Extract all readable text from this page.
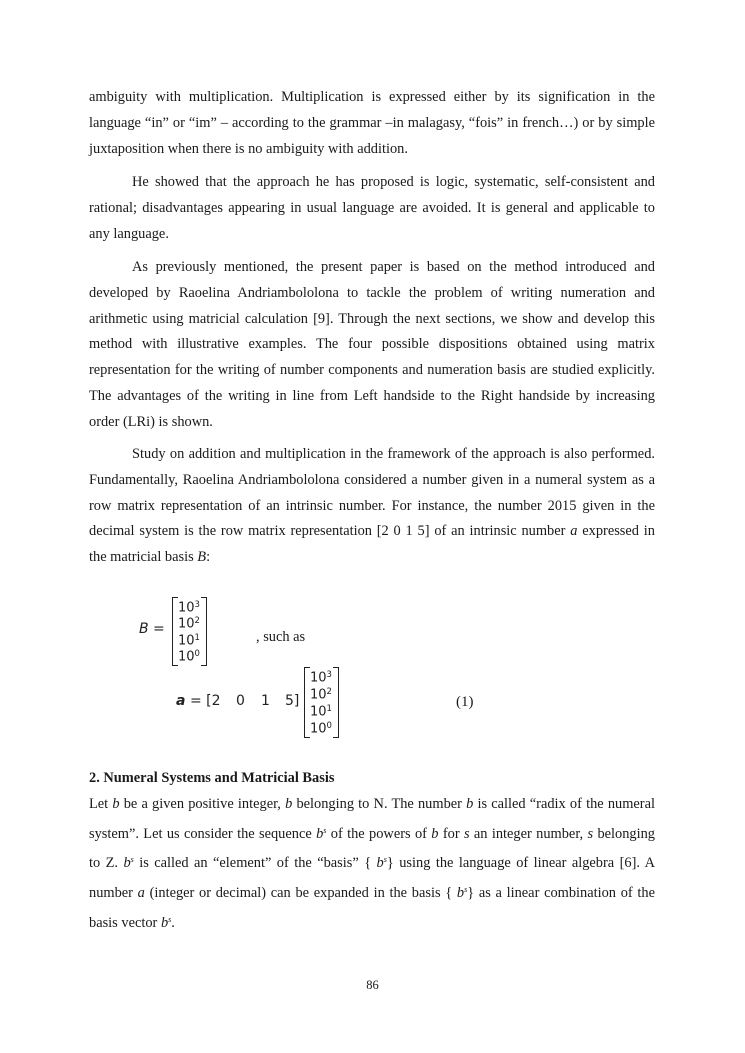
ambiguity with multiplication. Multiplication is expressed either by its signification in the language “in” or “im” – according to the grammar –in malagasy, “fois” in french…) or by simple juxtaposition when there is no ambiguity with addition.

He showed that the approach he has proposed is logic, systematic, self-consistent and rational; disadvantages appearing in usual language are avoided. It is general and applicable to any language.

As previously mentioned, the present paper is based on the method introduced and developed by Raoelina Andriambololona to tackle the problem of writing numeration and arithmetic using matricial calculation [9]. Through the next sections, we show and develop this method with illustrative examples. The four possible dispositions obtained using matrix representation for the writing of number components and numeration basis are studied explicitly. The advantages of the writing in line from Left handside to the Right handside by increasing order (LRi) is shown.

Study on addition and multiplication in the framework of the approach is also performed. Fundamentally, Raoelina Andriambololona considered a number given in a numeral system as a row matrix representation of an intrinsic number. For instance, the number 2015 given in the decimal system is the row matrix representation [2 0 1 5] of an intrinsic number a expressed in the matricial basis B:

B =
$10^3$
$10^2$
$10^1$
$10^0$
, such as
a = [2 0 1 5]
$10^3$
$10^2$
$10^1$
$10^0$
(1)

2. Numeral Systems and Matricial Basis

Let b be a given positive integer, b belonging to N. The number b is called “radix of the numeral system”. Let us consider the sequence $b^s$ of the powers of b for s an integer number, s belonging to Z. $b^s$ is called an “element” of the “basis” { $b^s$} using the language of linear algebra [6]. A number a (integer or decimal) can be expanded in the basis { $b^s$} as a linear combination of the basis vector $b^s$.

86
